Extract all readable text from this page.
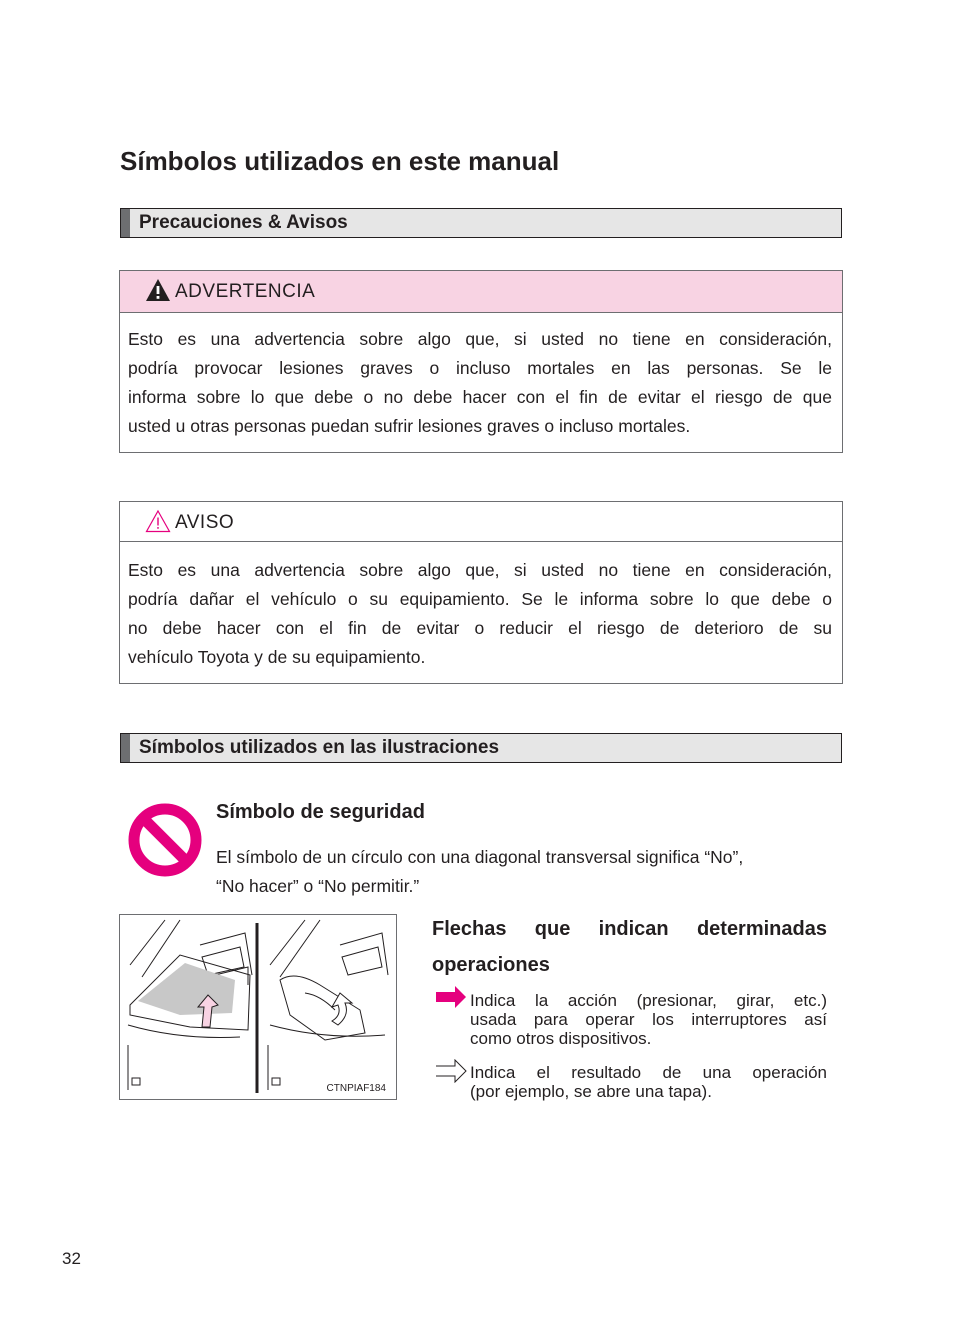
Símbolos utilizados en este manual
Precauciones & Avisos
ADVERTENCIA
Esto es una advertencia sobre algo que, si usted no tiene en consideración,
podría provocar lesiones graves o incluso mortales en las personas. Se le
informa sobre lo que debe o no debe hacer con el fin de evitar el riesgo de que
usted u otras personas puedan sufrir lesiones graves o incluso mortales.
AVISO
Esto es una advertencia sobre algo que, si usted no tiene en consideración,
podría dañar el vehículo o su equipamiento. Se le informa sobre lo que debe o
no debe hacer con el fin de evitar o reducir el riesgo de deterioro de su
vehículo Toyota y de su equipamiento.
Símbolos utilizados en las ilustraciones
Símbolo de seguridad
El símbolo de un círculo con una diagonal transversal significa “No”,
“No hacer” o “No permitir.”
CTNPIAF184
Flechas que indican determinadas
operaciones
Indica la acción (presionar, girar, etc.)
usada para operar los interruptores así
como otros dispositivos.
Indica el resultado de una operación
(por ejemplo, se abre una tapa).
32
